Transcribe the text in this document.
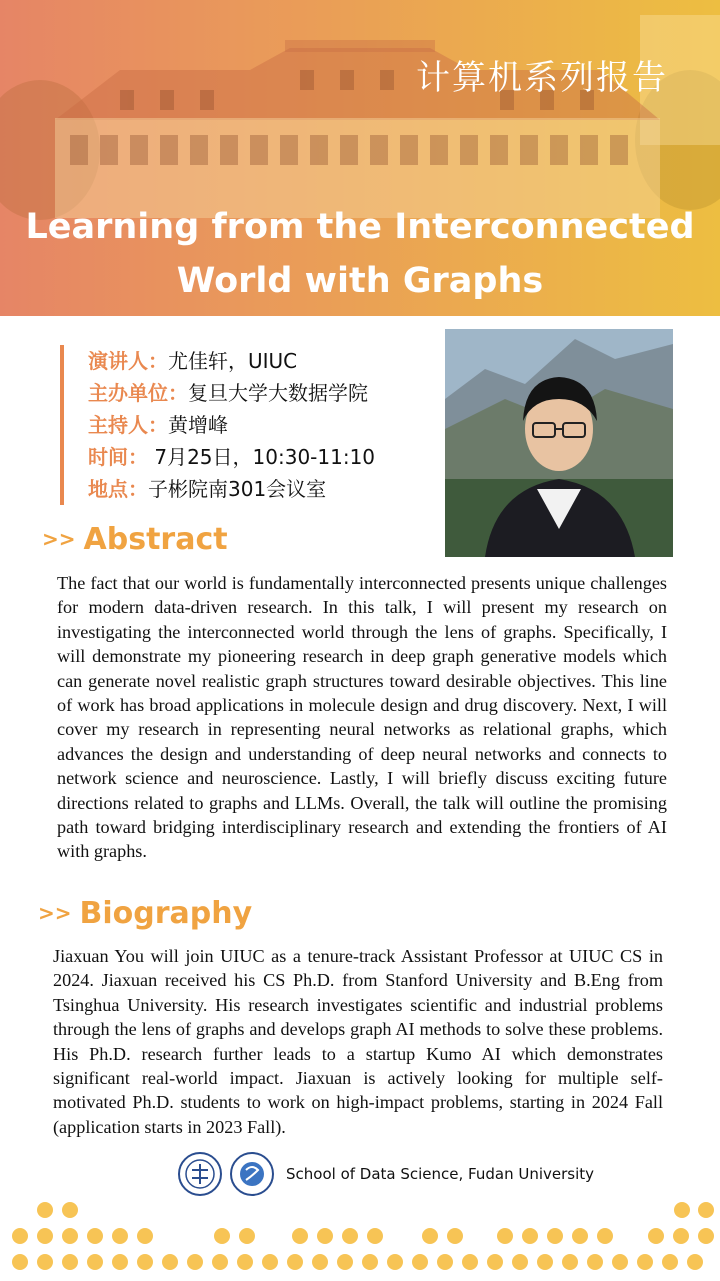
计算机系列报告
Learning from the Interconnected
World with Graphs
演讲人：尤佳轩，UIUC
主办单位：复旦大学大数据学院
主持人：黄增峰
时间： 7月25日，10:30-11:10
地点：子彬院南301会议室
>> Abstract
The fact that our world is fundamentally interconnected presents unique challenges for modern data-driven research. In this talk, I will present my research on investigating the interconnected world through the lens of graphs. Specifically, I will demonstrate my pioneering research in deep graph generative models which can generate novel realistic graph structures toward desirable objectives. This line of work has broad applications in molecule design and drug discovery. Next, I will cover my research in representing neural networks as relational graphs, which advances the design and understanding of deep neural networks and connects to network science and neuroscience. Lastly, I will briefly discuss exciting future directions related to graphs and LLMs. Overall, the talk will outline the promising path toward bridging interdisciplinary research and extending the frontiers of AI with graphs.
>> Biography
Jiaxuan You will join UIUC as a tenure-track Assistant Professor at UIUC CS in 2024. Jiaxuan received his CS Ph.D. from Stanford University and B.Eng from Tsinghua University. His research investigates scientific and industrial problems through the lens of graphs and develops graph AI methods to solve these problems. His Ph.D. research further leads to a startup Kumo AI which demonstrates significant real-world impact. Jiaxuan is actively looking for multiple self-motivated Ph.D. students to work on high-impact problems, starting in 2024 Fall (application starts in 2023 Fall).
School of Data Science, Fudan University
